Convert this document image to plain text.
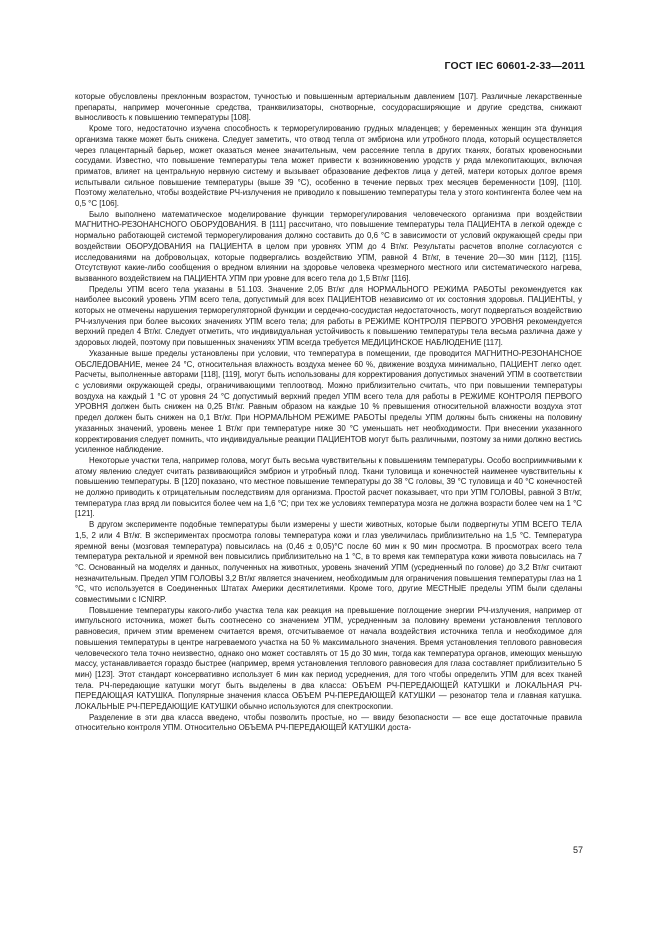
ГОСТ IEC 60601-2-33—2011

которые обусловлены преклонным возрастом, тучностью и повышенным артериальным давлением [107]. Различные лекарственные препараты, например мочегонные средства, транквилизаторы, снотворные, сосудорасширяющие и другие средства, снижают выносливость к повышению температуры [108].

Кроме того, недостаточно изучена способность к терморегулированию грудных младенцев; у беременных женщин эта функция организма также может быть снижена. Следует заметить, что отвод тепла от эмбриона или утробного плода, который осуществляется через плацентарный барьер, может оказаться менее значительным, чем рассеяние тепла в других тканях, богатых кровеносными сосудами. Известно, что повышение температуры тела может привести к возникновению уродств у ряда млекопитающих, включая приматов, влияет на центральную нервную систему и вызывает образование дефектов лица у детей, матери которых долгое время испытывали сильное повышение температуры (выше 39 °С), особенно в течение первых трех месяцев беременности [109], [110]. Поэтому желательно, чтобы воздействие РЧ-излучения не приводило к повышению температуры тела у этого контингента более чем на 0,5 °С [106].

Было выполнено математическое моделирование функции терморегулирования человеческого организма при воздействии МАГНИТНО-РЕЗОНАНСНОГО ОБОРУДОВАНИЯ. В [111] рассчитано, что повышение температуры тела ПАЦИЕНТА в легкой одежде с нормально работающей системой терморегулирования должно составить до 0,6 °С в зависимости от условий окружающей среды при воздействии ОБОРУДОВАНИЯ на ПАЦИЕНТА в целом при уровнях УПМ до 4 Вт/кг. Результаты расчетов вполне согласуются с исследованиями на добровольцах, которые подвергались воздействию УПМ, равной 4 Вт/кг, в течение 20—30 мин [112], [115]. Отсутствуют какие-либо сообщения о вредном влиянии на здоровье человека чрезмерного местного или систематического нагрева, вызванного воздействием на ПАЦИЕНТА УПМ при уровне для всего тела до 1,5 Вт/кг [116].

Пределы УПМ всего тела указаны в 51.103. Значение 2,05 Вт/кг для НОРМАЛЬНОГО РЕЖИМА РАБОТЫ рекомендуется как наиболее высокий уровень УПМ всего тела, допустимый для всех ПАЦИЕНТОВ независимо от их состояния здоровья. ПАЦИЕНТЫ, у которых не отмечены нарушения терморегуляторной функции и сердечно-сосудистая недостаточность, могут подвергаться воздействию РЧ-излучения при более высоких значениях УПМ всего тела; для работы в РЕЖИМЕ КОНТРОЛЯ ПЕРВОГО УРОВНЯ рекомендуется верхний предел 4 Вт/кг. Следует отметить, что индивидуальная устойчивость к повышению температуры тела весьма различна даже у здоровых людей, поэтому при повышенных значениях УПМ всегда требуется МЕДИЦИНСКОЕ НАБЛЮДЕНИЕ [117].

Указанные выше пределы установлены при условии, что температура в помещении, где проводится МАГНИТНО-РЕЗОНАНСНОЕ ОБСЛЕДОВАНИЕ, менее 24 °С, относительная влажность воздуха менее 60 %, движение воздуха минимально, ПАЦИЕНТ легко одет. Расчеты, выполненные авторами [118], [119], могут быть использованы для корректирования допустимых значений УПМ в соответствии с условиями окружающей среды, ограничивающими теплоотвод. Можно приблизительно считать, что при повышении температуры воздуха на каждый 1 °С от уровня 24 °С допустимый верхний предел УПМ всего тела для работы в РЕЖИМЕ КОНТРОЛЯ ПЕРВОГО УРОВНЯ должен быть снижен на 0,25 Вт/кг. Равным образом на каждые 10 % превышения относительной влажности воздуха этот предел должен быть снижен на 0,1 Вт/кг. При НОРМАЛЬНОМ РЕЖИМЕ РАБОТЫ пределы УПМ должны быть снижены на половину указанных значений, уровень менее 1 Вт/кг при температуре ниже 30 °С уменьшать нет необходимости. При внесении указанного корректирования следует помнить, что индивидуальные реакции ПАЦИЕНТОВ могут быть различными, поэтому за ними должно вестись усиленное наблюдение.

Некоторые участки тела, например голова, могут быть весьма чувствительны к повышениям температуры. Особо восприимчивыми к атому явлению следует считать развивающийся эмбрион и утробный плод. Ткани туловища и конечностей наименее чувствительны к повышению температуры. В [120] показано, что местное повышение температуры до 38 °С головы, 39 °С туловища и 40 °С конечностей не должно приводить к отрицательным последствиям для организма. Простой расчет показывает, что при УПМ ГОЛОВЫ, равной 3 Вт/кг, температура глаз вряд ли повысится более чем на 1,6 °С; при тех же условиях температура мозга не должна возрасти более чем на 1 °С [121].

В другом эксперименте подобные температуры были измерены у шести животных, которые были подвергнуты УПМ ВСЕГО ТЕЛА 1,5, 2 или 4 Вт/кг. В экспериментах просмотра головы температура кожи и глаз увеличилась приблизительно на 1,5 °С. Температура яремной вены (мозговая температура) повысилась на (0,46 ± 0,05)°С после 60 мин к 90 мин просмотра. В просмотрах всего тела температура ректальной и яремной вен повысились приблизительно на 1 °С, в то время как температура кожи живота повысилась на 7 °С. Основанный на моделях и данных, полученных на животных, уровень значений УПМ (усредненный по голове) до 3,2 Вт/кг считают незначительным. Предел УПМ ГОЛОВЫ 3,2 Вт/кг является значением, необходимым для ограничения повышения температуры глаз на 1 °С, что используется в Соединенных Штатах Америки десятилетиями. Кроме того, другие МЕСТНЫЕ пределы УПМ были сделаны совместимыми с ICNIRP.

Повышение температуры какого-либо участка тела как реакция на превышение поглощение энергии РЧ-излучения, например от импульсного источника, может быть соотнесено со значением УПМ, усредненным за половину времени установления теплового равновесия, причем этим временем считается время, отсчитываемое от начала воздействия источника тепла и необходимое для повышения температуры в центре нагреваемого участка на 50 % максимального значения. Время установления теплового равновесия человеческого тела точно неизвестно, однако оно может составлять от 15 до 30 мин, тогда как температура органов, имеющих меньшую массу, устанавливается гораздо быстрее (например, время установления теплового равновесия для глаза составляет приблизительно 5 мин) [123]. Этот стандарт консервативно использует 6 мин как период усреднения, для того чтобы определить УПМ для всех тканей тела. РЧ-передающие катушки могут быть выделены в два класса: ОБЪЕМ РЧ-ПЕРЕДАЮЩЕЙ КАТУШКИ и ЛОКАЛЬНАЯ РЧ-ПЕРЕДАЮЩАЯ КАТУШКА. Популярные значения класса ОБЪЕМ РЧ-ПЕРЕДАЮЩЕЙ КАТУШКИ — резонатор тела и главная катушка. ЛОКАЛЬНЫЕ РЧ-ПЕРЕДАЮЩИЕ КАТУШКИ обычно используются для спектроскопии.

Разделение в эти два класса введено, чтобы позволить простые, но — ввиду безопасности — все еще достаточные правила относительно контроля УПМ. Относительно ОБЪЕМА РЧ-ПЕРЕДАЮЩЕЙ КАТУШКИ доста-

57
